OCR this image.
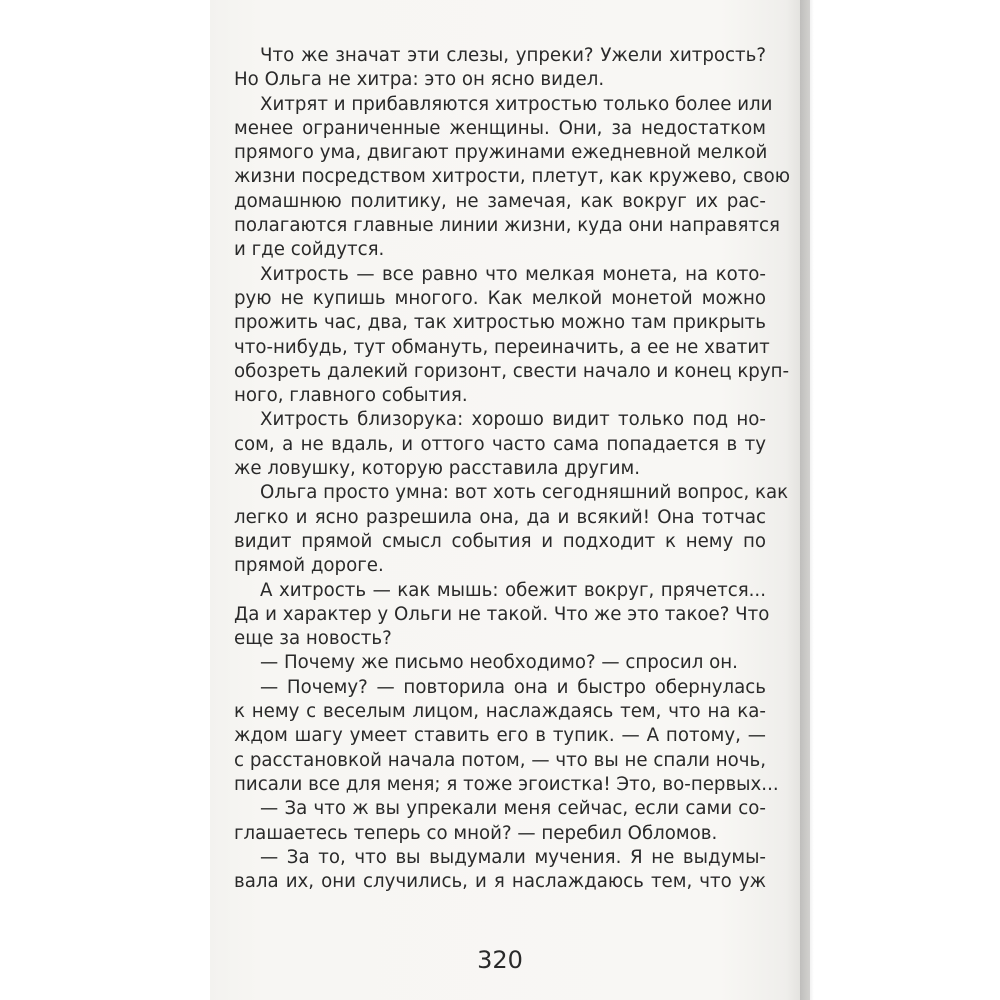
Что же значат эти слезы, упреки? Ужели хитрость?
Но Ольга не хитра: это он ясно видел.
Хитрят и прибавляются хитростью только более или
менее ограниченные женщины. Они, за недостатком
прямого ума, двигают пружинами ежедневной мелкой
жизни посредством хитрости, плетут, как кружево, свою
домашнюю политику, не замечая, как вокруг их рас-
полагаются главные линии жизни, куда они направятся
и где сойдутся.
Хитрость — все равно что мелкая монета, на кото-
рую не купишь многого. Как мелкой монетой можно
прожить час, два, так хитростью можно там прикрыть
что-нибудь, тут обмануть, переиначить, а ее не хватит
обозреть далекий горизонт, свести начало и конец круп-
ного, главного события.
Хитрость близорука: хорошо видит только под но-
сом, а не вдаль, и оттого часто сама попадается в ту
же ловушку, которую расставила другим.
Ольга просто умна: вот хоть сегодняшний вопрос, как
легко и ясно разрешила она, да и всякий! Она тотчас
видит прямой смысл события и подходит к нему по
прямой дороге.
А хитрость — как мышь: обежит вокруг, прячется...
Да и характер у Ольги не такой. Что же это такое? Что
еще за новость?
— Почему же письмо необходимо? — спросил он.
— Почему? — повторила она и быстро обернулась
к нему с веселым лицом, наслаждаясь тем, что на ка-
ждом шагу умеет ставить его в тупик. — А потому, —
с расстановкой начала потом, — что вы не спали ночь,
писали все для меня; я тоже эгоистка! Это, во-первых...
— За что ж вы упрекали меня сейчас, если сами со-
глашаетесь теперь со мной? — перебил Обломов.
— За то, что вы выдумали мучения. Я не выдумы-
вала их, они случились, и я наслаждаюсь тем, что уж
320
